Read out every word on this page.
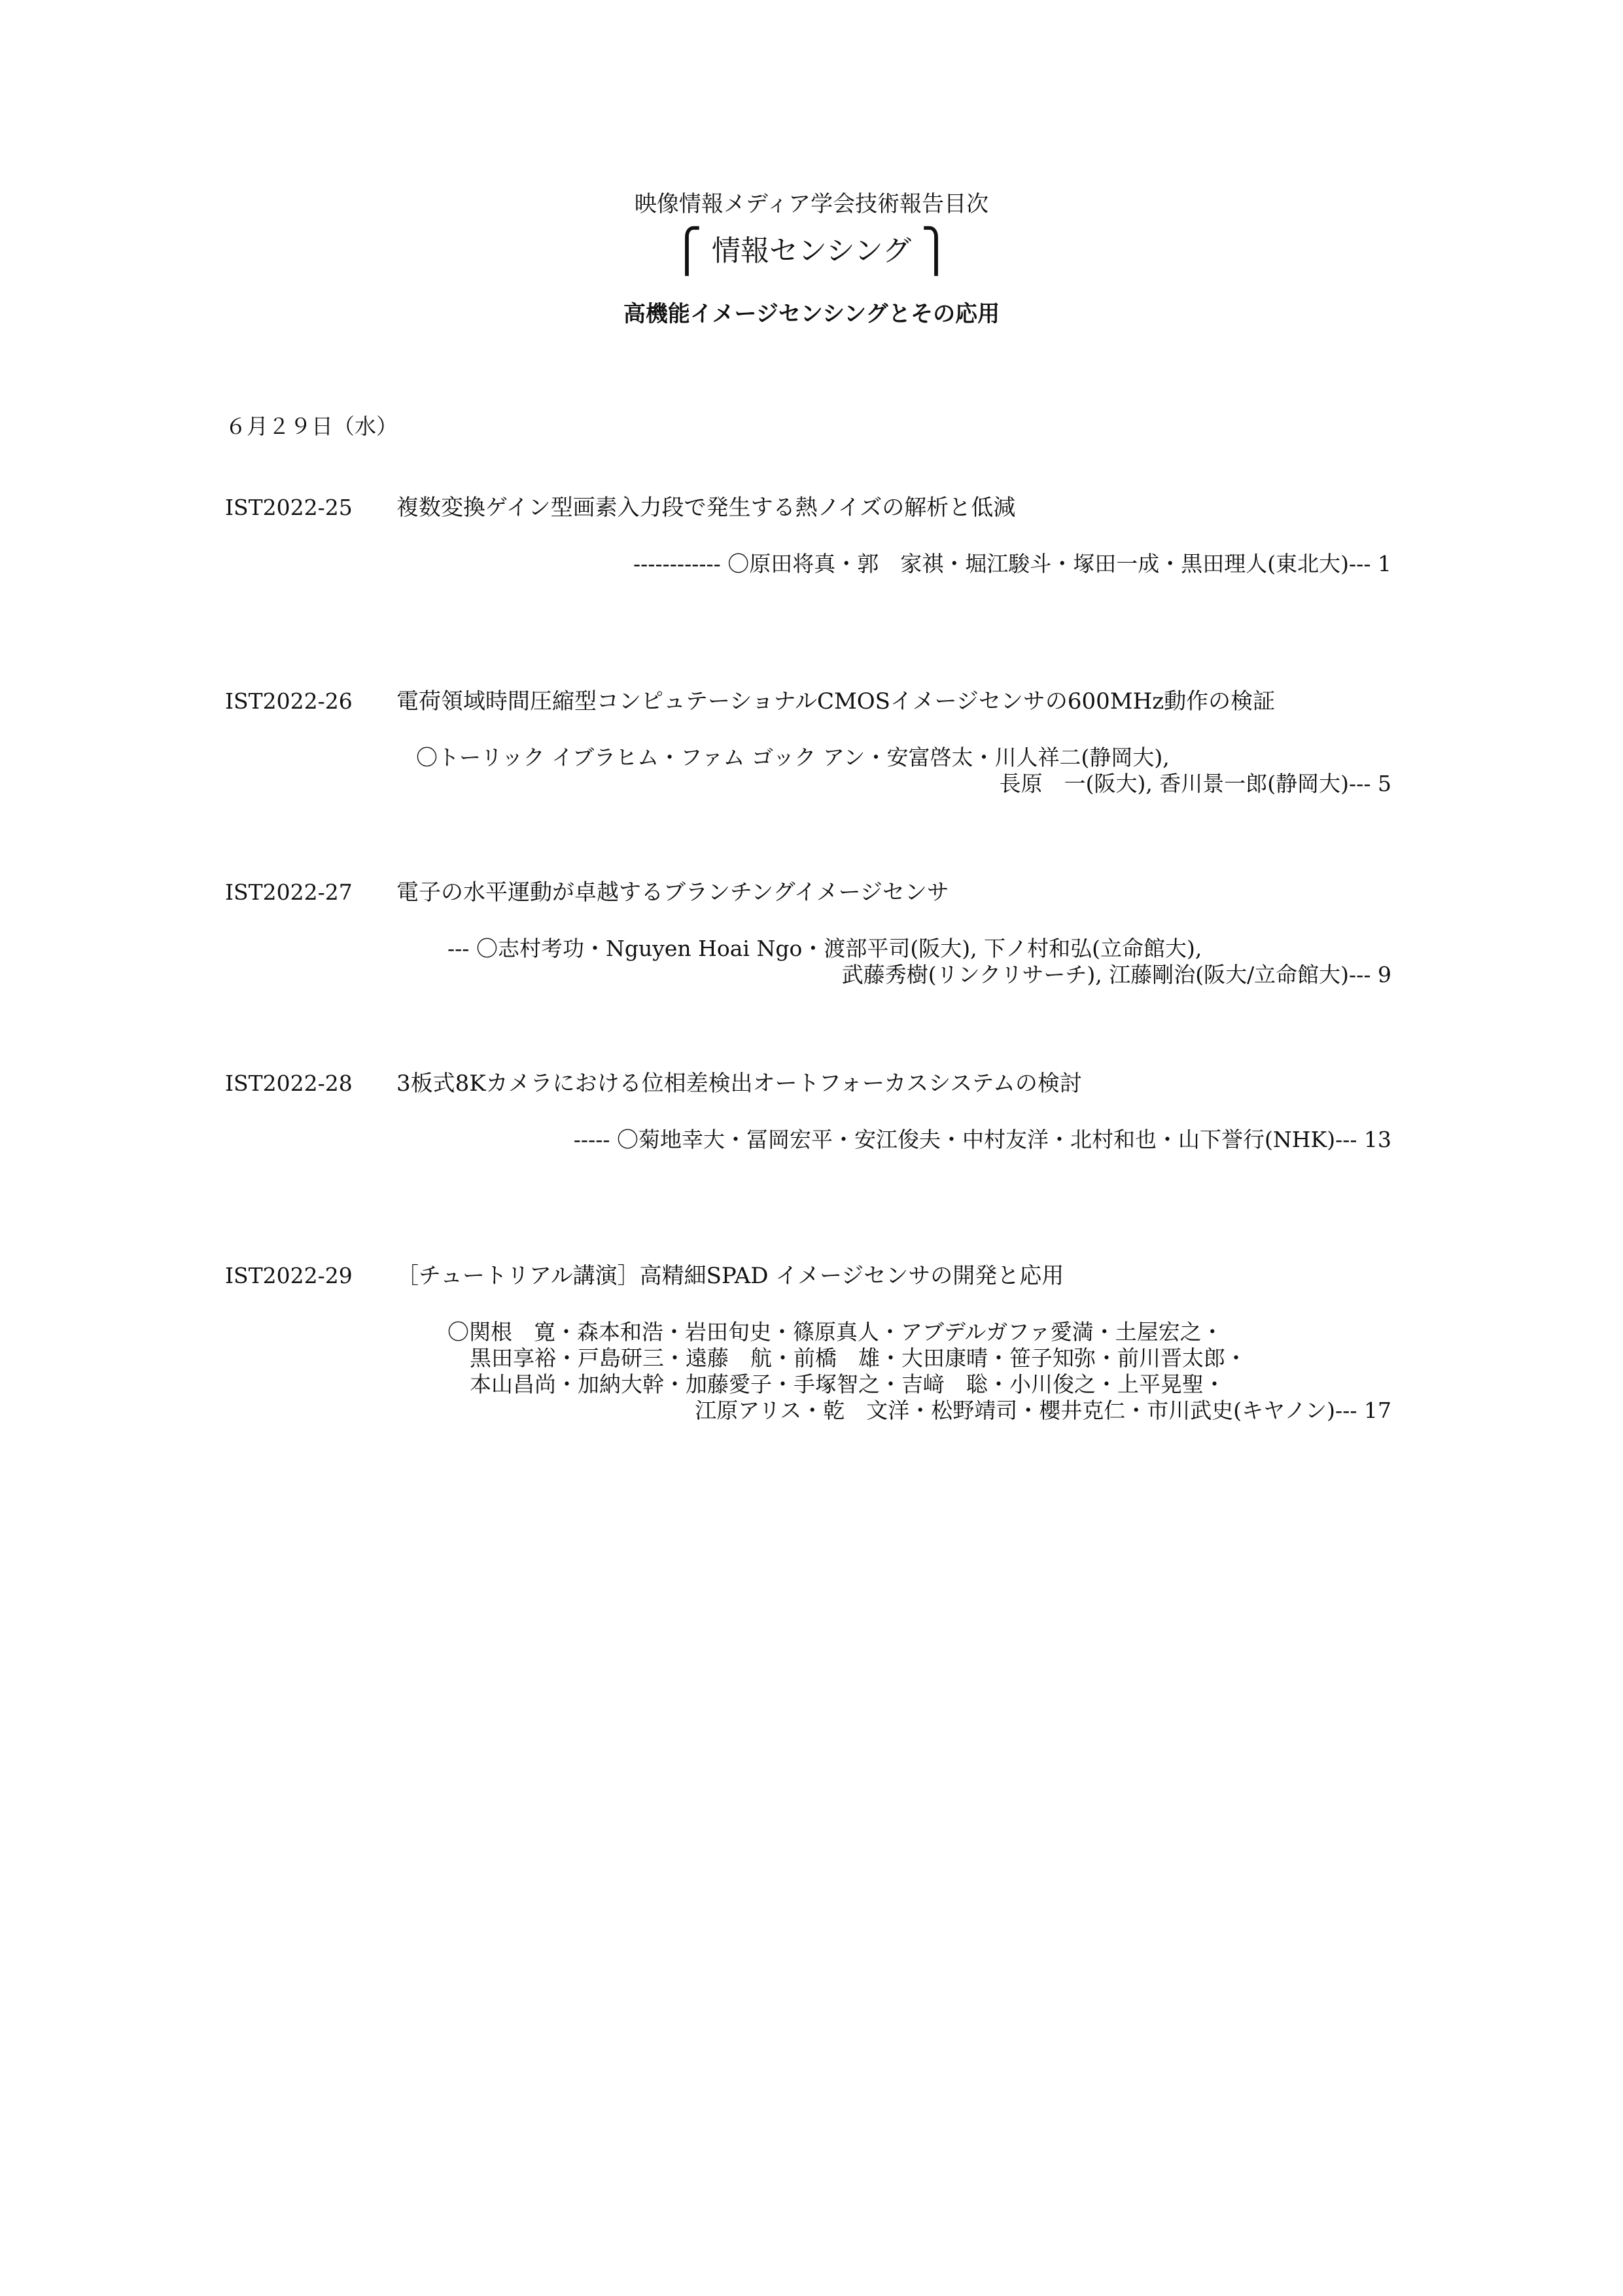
映像情報メディア学会技術報告目次
⎧ 情報センシング ⎫
高機能イメージセンシングとその応用
６月２９日（水）
IST2022-25 複数変換ゲイン型画素入力段で発生する熱ノイズの解析と低減
------------ 〇原田将真・郭　家祺・堀江駿斗・塚田一成・黒田理人(東北大)--- 1
IST2022-26 電荷領域時間圧縮型コンピュテーショナルCMOSイメージセンサの600MHz動作の検証
〇トーリック イブラヒム・ファム ゴック アン・安富啓太・川人祥二(静岡大),
長原　一(阪大), 香川景一郎(静岡大)--- 5
IST2022-27 電子の水平運動が卓越するブランチングイメージセンサ
--- 〇志村考功・Nguyen Hoai Ngo・渡部平司(阪大), 下ノ村和弘(立命館大),
武藤秀樹(リンクリサーチ), 江藤剛治(阪大/立命館大)--- 9
IST2022-28 3板式8Kカメラにおける位相差検出オートフォーカスシステムの検討
----- 〇菊地幸大・冨岡宏平・安江俊夫・中村友洋・北村和也・山下誉行(NHK)--- 13
IST2022-29 ［チュートリアル講演］高精細SPAD イメージセンサの開発と応用
〇関根　寛・森本和浩・岩田旬史・篠原真人・アブデルガファ愛満・土屋宏之・
黒田享裕・戸島研三・遠藤　航・前橋　雄・大田康晴・笹子知弥・前川晋太郎・
本山昌尚・加納大幹・加藤愛子・手塚智之・吉﨑　聡・小川俊之・上平晃聖・
江原アリス・乾　文洋・松野靖司・櫻井克仁・市川武史(キヤノン)--- 17
